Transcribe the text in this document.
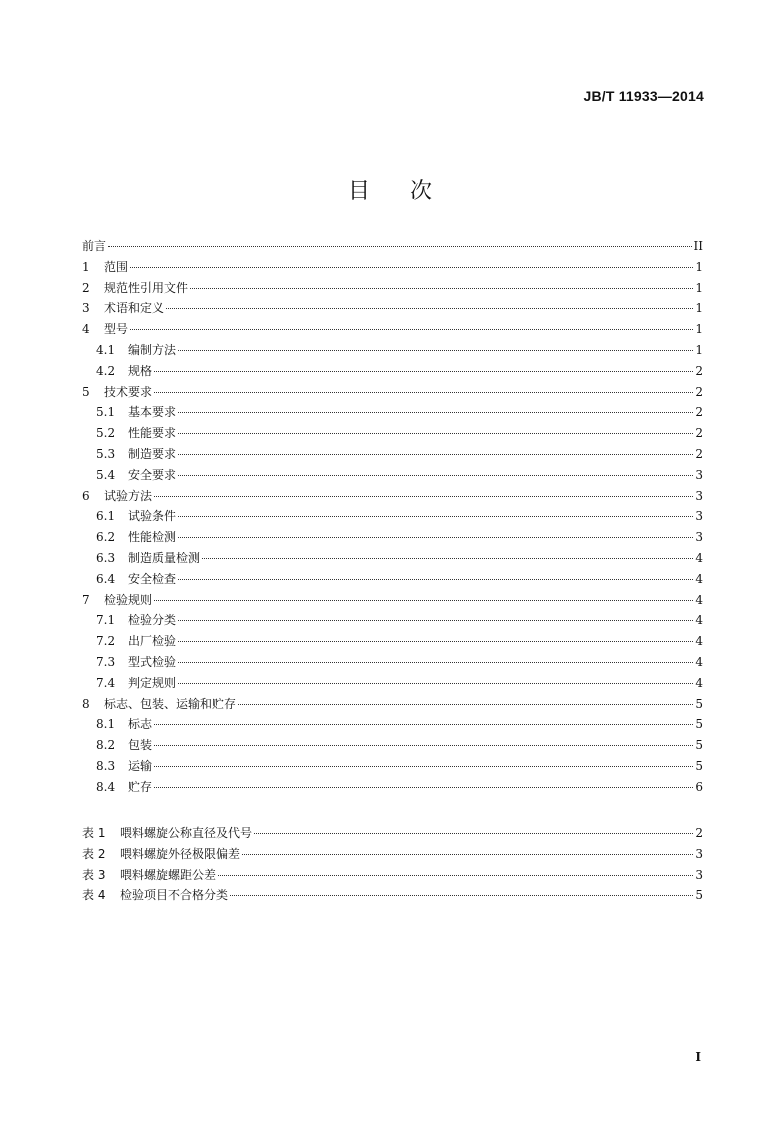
JB/T 11933—2014
目次
前言	II
1	范围	1
2	规范性引用文件	1
3	术语和定义	1
4	型号	1
4.1	编制方法	1
4.2	规格	2
5	技术要求	2
5.1	基本要求	2
5.2	性能要求	2
5.3	制造要求	2
5.4	安全要求	3
6	试验方法	3
6.1	试验条件	3
6.2	性能检测	3
6.3	制造质量检测	4
6.4	安全检查	4
7	检验规则	4
7.1	检验分类	4
7.2	出厂检验	4
7.3	型式检验	4
7.4	判定规则	4
8	标志、包装、运输和贮存	5
8.1	标志	5
8.2	包装	5
8.3	运输	5
8.4	贮存	6
表 1	喂料螺旋公称直径及代号	2
表 2	喂料螺旋外径极限偏差	3
表 3	喂料螺旋螺距公差	3
表 4	检验项目不合格分类	5
I
